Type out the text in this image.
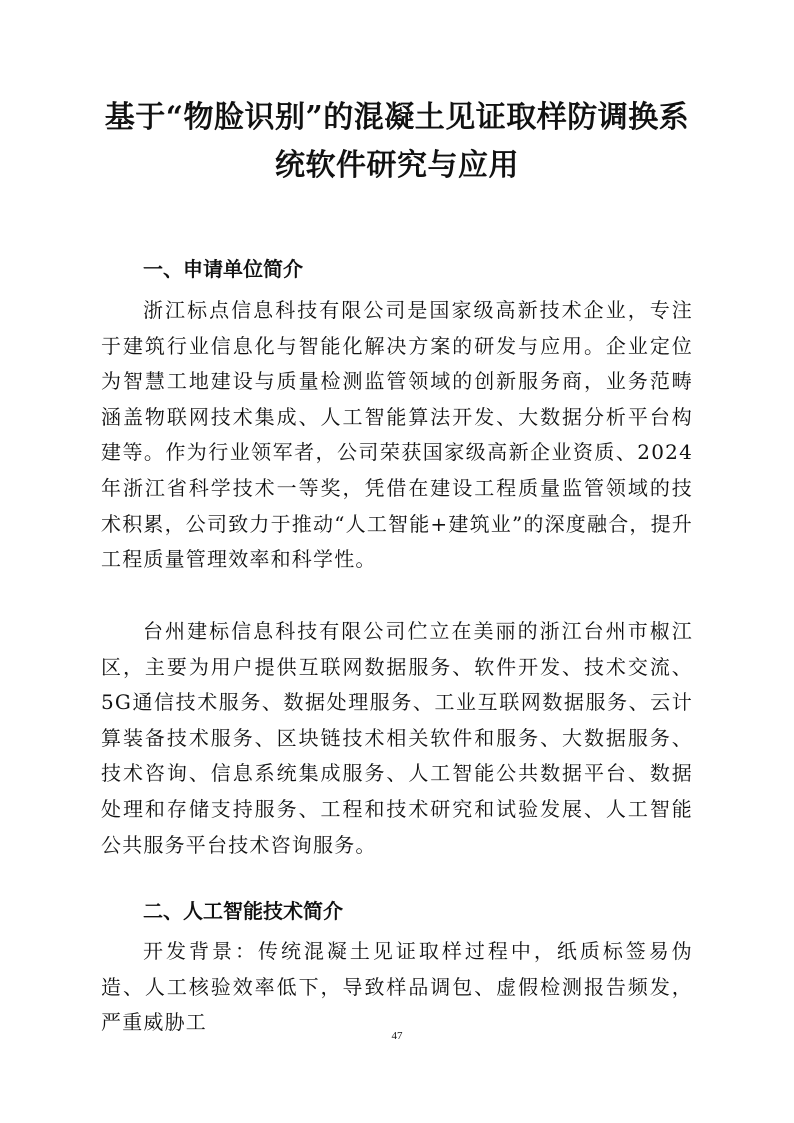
基于“物脸识别”的混凝土见证取样防调换系
统软件研究与应用
一、申请单位简介

浙江标点信息科技有限公司是国家级高新技术企业，专注于建筑行业信息化与智能化解决方案的研发与应用。企业定位为智慧工地建设与质量检测监管领域的创新服务商，业务范畴涵盖物联网技术集成、人工智能算法开发、大数据分析平台构建等。作为行业领军者，公司荣获国家级高新企业资质、2024年浙江省科学技术一等奖，凭借在建设工程质量监管领域的技术积累，公司致力于推动“人工智能+建筑业”的深度融合，提升工程质量管理效率和科学性。

台州建标信息科技有限公司伫立在美丽的浙江台州市椒江区，主要为用户提供互联网数据服务、软件开发、技术交流、5G通信技术服务、数据处理服务、工业互联网数据服务、云计算装备技术服务、区块链技术相关软件和服务、大数据服务、技术咨询、信息系统集成服务、人工智能公共数据平台、数据处理和存储支持服务、工程和技术研究和试验发展、人工智能公共服务平台技术咨询服务。

二、人工智能技术简介

开发背景：传统混凝土见证取样过程中，纸质标签易伪造、人工核验效率低下，导致样品调包、虚假检测报告频发，严重威胁工

47
